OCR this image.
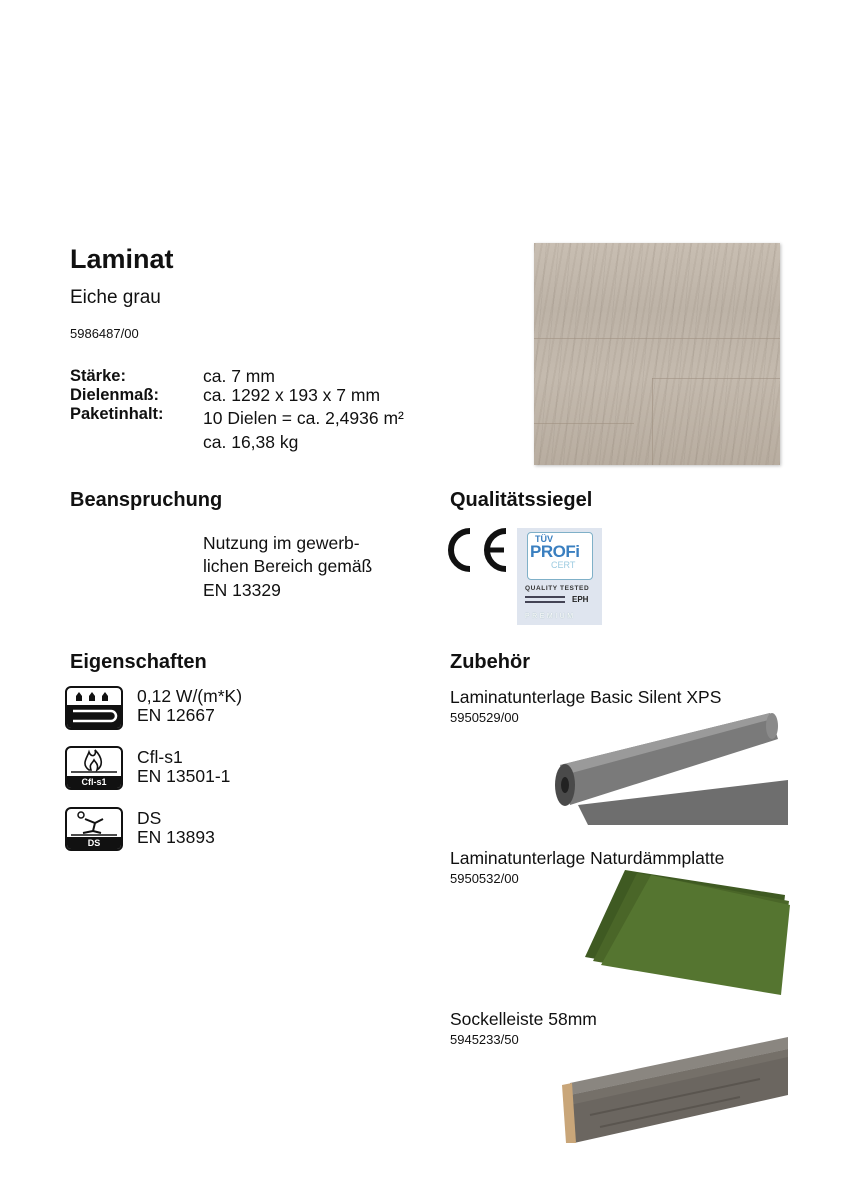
Laminat
Eiche grau
5986487/00
Stärke:	ca. 7 mm
Dielenmaß:	ca. 1292 x 193 x 7 mm
Paketinhalt: 10 Dielen = ca. 2,4936 m²
ca. 16,38 kg
Beanspruchung
Nutzung im gewerb-
lichen Bereich gemäß
EN 13329
Qualitätssiegel
TÜV
PROFi
CERT
QUALITY TESTED
EPH
PREMIUM
Eigenschaften
0,12 W/(m*K)
EN 12667
Cfl-s1
Cfl-s1
EN 13501-1
DS
DS
EN 13893
Zubehör
Laminatunterlage Basic Silent XPS
5950529/00
Laminatunterlage Naturdämmplatte
5950532/00
Sockelleiste 58mm
5945233/50
